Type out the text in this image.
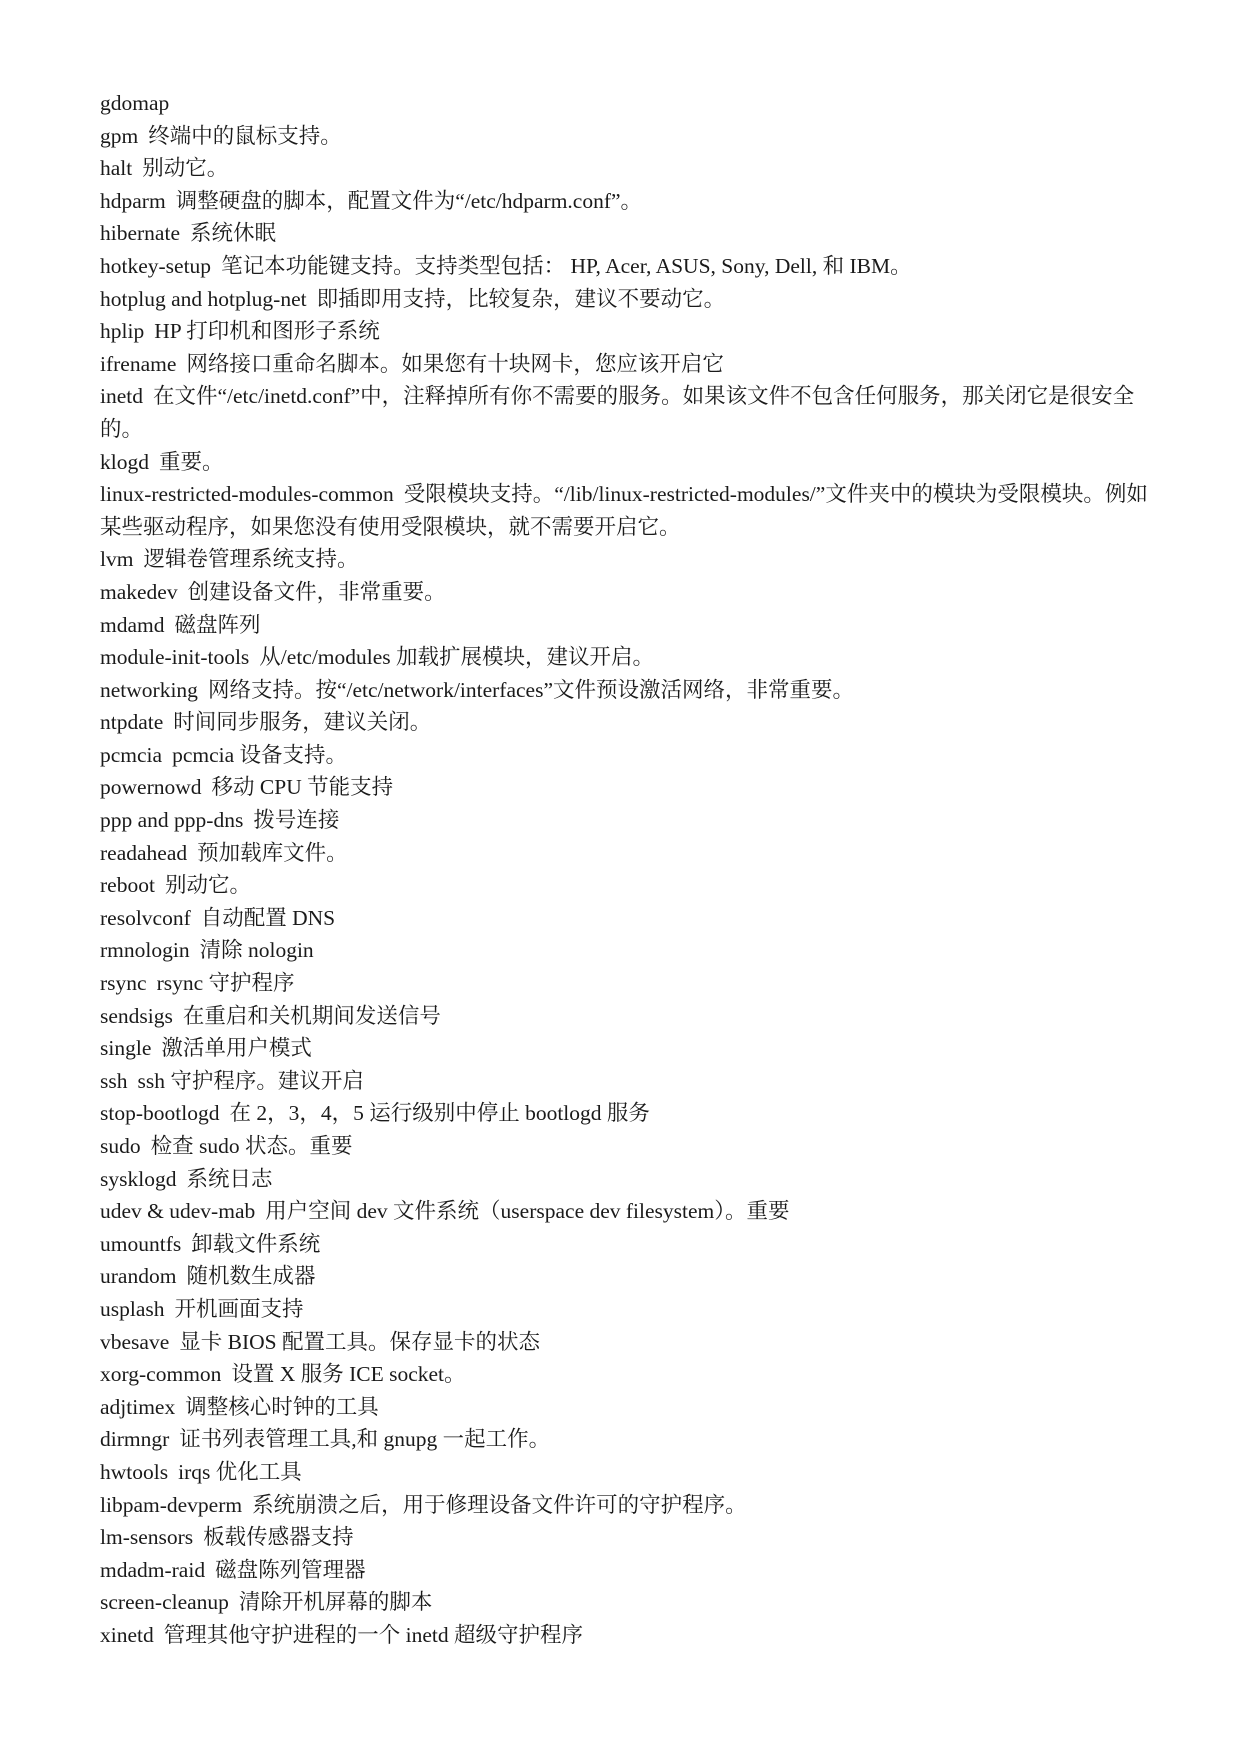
gdomap

gpm 终端中的鼠标支持。

halt 别动它。

hdparm 调整硬盘的脚本，配置文件为“/etc/hdparm.conf”。

hibernate 系统休眠

hotkey-setup 笔记本功能键支持。支持类型包括： HP, Acer, ASUS, Sony, Dell, 和 IBM。

hotplug and hotplug-net 即插即用支持，比较复杂，建议不要动它。

hplip HP 打印机和图形子系统

ifrename 网络接口重命名脚本。如果您有十块网卡，您应该开启它

inetd 在文件“/etc/inetd.conf”中，注释掉所有你不需要的服务。如果该文件不包含任何服务，那关闭它是很安全的。

klogd 重要。

linux-restricted-modules-common 受限模块支持。“/lib/linux-restricted-modules/”文件夹中的模块为受限模块。例如某些驱动程序，如果您没有使用受限模块，就不需要开启它。

lvm 逻辑卷管理系统支持。

makedev 创建设备文件，非常重要。

mdamd 磁盘阵列

module-init-tools 从/etc/modules 加载扩展模块，建议开启。

networking 网络支持。按“/etc/network/interfaces”文件预设激活网络，非常重要。

ntpdate 时间同步服务，建议关闭。

pcmcia pcmcia 设备支持。

powernowd 移动 CPU 节能支持

ppp and ppp-dns 拨号连接

readahead 预加载库文件。

reboot 别动它。

resolvconf 自动配置 DNS

rmnologin 清除 nologin

rsync rsync 守护程序

sendsigs 在重启和关机期间发送信号

single 激活单用户模式

ssh ssh 守护程序。建议开启

stop-bootlogd 在 2，3，4，5 运行级别中停止 bootlogd 服务

sudo 检查 sudo 状态。重要

sysklogd 系统日志

udev & udev-mab 用户空间 dev 文件系统（userspace dev filesystem）。重要

umountfs 卸载文件系统

urandom 随机数生成器

usplash 开机画面支持

vbesave 显卡 BIOS 配置工具。保存显卡的状态

xorg-common 设置 X 服务 ICE socket。

adjtimex 调整核心时钟的工具

dirmngr 证书列表管理工具,和 gnupg 一起工作。

hwtools irqs 优化工具

libpam-devperm 系统崩溃之后，用于修理设备文件许可的守护程序。

lm-sensors 板载传感器支持

mdadm-raid 磁盘陈列管理器

screen-cleanup 清除开机屏幕的脚本

xinetd 管理其他守护进程的一个 inetd 超级守护程序
